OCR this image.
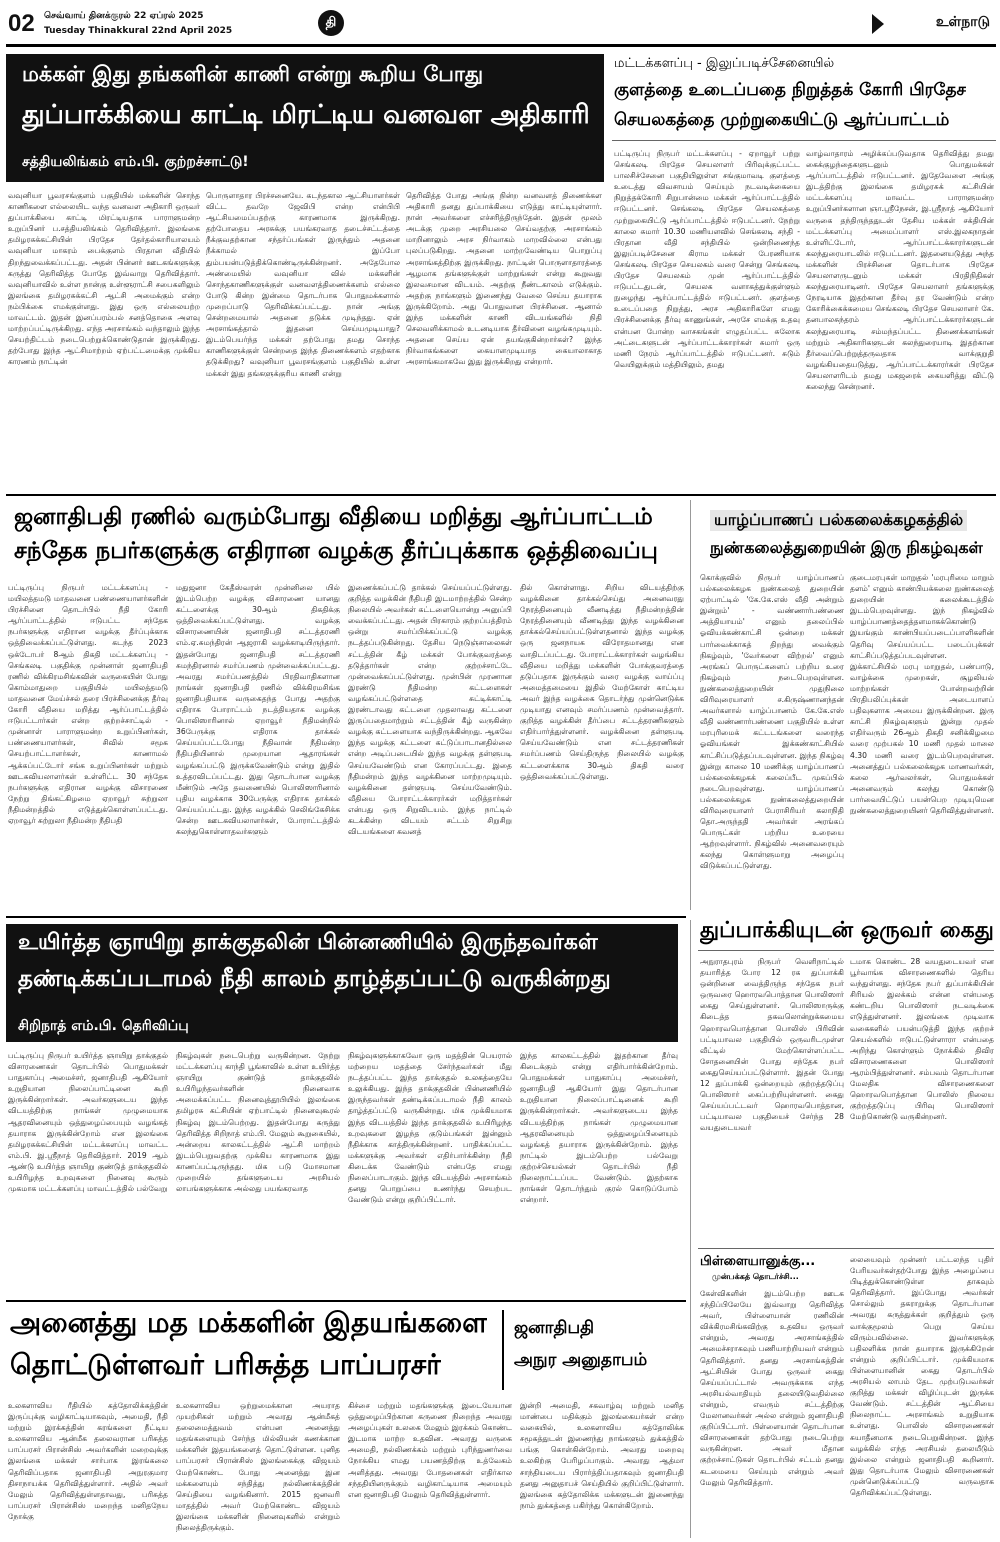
02 செவ்வாய் தினக்குரல் 22 ஏப்ரல் 2025
Tuesday Thinakkural 22nd April 2025
தி	உள்நாடு
மக்கள் இது தங்களின் காணி என்று கூறிய போது
துப்பாக்கியை காட்டி மிரட்டிய வனவள அதிகாரி
சத்தியலிங்கம் எம்.பி. குற்றச்சாட்டு!
வவுனியா பூவரசங்குளம் பகுதியில் மக்களின் சொந்த காணிகளை எல்லையிட வந்த வனவள அதிகாரி ஒருவர் துப்பாக்கியை காட்டி மிரட்டியதாக பாராளுமன்ற உறுப்பினர் ப.சத்தியலிங்கம் தெரிவித்தார். இலங்கை தமிழரசுக்கட்சியின் பிரதேச தேர்தல்காரியாலயம் வவுனியா மாகரம் பைக்குளம் பிரதான வீதியில் திறந்துவைக்கப்பட்டது. அதன் பின்னர் ஊடகங்களுக்கு கருத்து தெரிவித்த போதே இவ்வாறு தெரிவித்தார். வவுனியாவில் உள்ள நான்கு உள்ளூராட்சி சபைகளிலும் இலங்கை தமிழரசுக்கட்சி ஆட்சி அமைக்கும் என்ற நம்பிக்கை எமக்குள்ளது. இது ஒரு எல்லையற்ற மாவட்டம். இதன் இனப்பரம்பல் சனத்தொகை அளவு மாற்றப்பட்டிருக்கிறது. எந்த அரசாங்கம் வந்தாலும் இந்த செயற்திட்டம் நடைபெற்றுக்கொண்டுதான் இருக்கிறது. தற்போது இந்த ஆட்சிமாற்றம் ஏற்பட்டமைக்கு முக்கிய காரணம் நாட்டின்
பொருளாதார பிரச்சனையே. கடந்தகால ஆட்சியாளர்கள் விட்ட தவறே ஜேவிபி என்ற என்பிபி ஆட்சியமைப்பதற்கு காரணமாக இருக்கிறது. தற்போதைய அரசுக்கு பயங்கரவாத தடைச்சட்டத்தை நீக்குவதற்கான சந்தர்ப்பங்கள் இருந்தும் அதனை நீக்காமல் இப்போ தும்பயன்படுத்திக்கொண்டிருக்கின்றனர். அதேபோல அண்மையில் வவுனியா வில் மக்களின் சொந்தகாணிகளுக்குள் வனவளத்திணைக்களம் எல்லை போடு கின்ற இன்மை தொடர்பாக பொதுமக்களால் முறைப்பாடு தெரிவிக்கப்பட்டது. நான் அங்கு சென்றமையால் அதனை தடுக்க முடிந்தது. ஏன் அரசாங்கத்தால் இதனை செய்யமுடியாது? இடம்பெயர்ந்த மக்கள் தற்போது தமது சொந்த காணிகளுக்குள் சென்றதை இந்த திணைக்களம் எதற்காக தடுக்கிறது? வவுனியா பூவரசங்குளம் பகுதியில் உள்ள மக்கள் இது தங்களுக்குரிய காணி என்று
தெரிவித்த போது அங்கு நின்ற வனவளத் திணைக்கள அதிகாரி தனது துப்பாக்கியை எடுத்து காட்டியுள்ளார். நான் அவர்களை எச்சரித்திருந்தேன். இதன் மூலம் அடக்கு முறை அரசியலை செய்வதற்கு அரசாங்கம் மாறினாலும் அரச நிர்வாகம் மாறவில்லை என்பது புலப்படுகிறது. அதனை மாற்றவேண்டிய பொறுப்பு அரசாங்கத்திற்கு இருக்கிறது. நாட்டின் பொருளாதாரத்தை ஆழமாக தங்களுக்குள் மாற்றுங்கள் என்று கூறுவது இலவசமான விடயம். அதற்கு நீண்டகாலம் எடுக்கும். அதற்கு நாங்களும் இணைந்து வேலை செய்ய தயாராக இருக்கிறோம். அது பொதுவான பிரச்சினை. ஆனால் இந்த மக்களின் காணி விடயங்களில் நிதி செலவளிக்காமல் உடனடியாக தீர்வினை வழங்கமுடியும். அதனை செய்ய ஏன் தயங்குகின்றார்கள்? இந்த நிர்வாகங்களை கையாளமுடியாத கையாலாகாத அரசாங்கமாகவே இது இருக்கிறது என்றார்.
மட்டக்களப்பு - இலுப்படிச்சேனையில்
குளத்தை உடைப்பதை நிறுத்தக் கோரி பிரதேச
செயலகத்தை முற்றுகையிட்டு ஆர்ப்பாட்டம்
பட்டிருப்பு நிருபர் மட்டக்களப்பு - ஏறாவூர் பற்று செங்கலடி பிரதேச செயலாளர் பிரிவுக்குட்பட்ட பாலசிச்சேனை பகுதியிலுள்ள சங்குமாவடி குளத்தை உடைத்து விவசாயம் செய்யும் நடவடிக்கையை நிறுத்தக்கோரி சிறுபான்மை மக்கள் ஆர்ப்பாட்டத்தில் ஈடுபட்டனர். செங்கலடி பிரதேச செயலகத்தை முற்றுகையிட்டு ஆர்ப்பாட்டத்தில் ஈடுபட்டனர். நேற்று காலை சுமார் 10.30 மணியளவில் செங்கலடி சந்தி - பிரதான வீதி சந்தியில் ஒன்றிணைந்த இலுப்படிச்சேனை கிராம மக்கள் பேரணியாக செங்கலடி பிரதேச செயலகம் வரை சென்று செங்கலடி பிரதேச செயலகம் முன் ஆர்ப்பாட்டத்தில் ஈடுபட்டதுடன், செயலக வளாகத்துக்குள்ளும் நுழைந்து ஆர்ப்பாட்டத்தில் ஈடுபட்டனர். குளத்தை உடைப்பதை நிறுத்து, அரச அதிகாரிகளே எமது பிரச்சினைக்கு தீர்வு காணுங்கள், அரசே எமக்கு உதவு என்பன போன்ற வாசகங்கள் எழுதப்பட்ட சுலோக அட்டைகளுடன் ஆர்ப்பாட்டக்காரர்கள் சுமார் ஒரு மணி நேரம் ஆர்ப்பாட்டத்தில் ஈடுபட்டனர். சுடும் வெயிலுக்கும் மத்தியிலும், தமது
வாழ்வாதாரம் அழிக்கப்படுவதாக தெரிவித்து தமது கைக்குழந்தைகளுடனும் பொதுமக்கள் ஆர்ப்பாட்டத்தில் ஈடுபட்டனர். இதேவேளை அங்கு இடத்திற்கு இலங்கை தமிழரசுக் கட்சியின் மட்டக்களப்பு மாவட்ட பாராளுமன்ற உறுப்பினர்களான ஞா.ஸ்ரீநேசன், இ.ஸ்ரீநாத் ஆகியோர் வருகை தந்திருந்ததுடன் தேசிய மக்கள் சக்தியின் மட்டக்களப்பு அமைப்பாளர் எஸ்.இலகநாதன் உள்ளிட்டோர், ஆர்ப்பாட்டக்காரர்களுடன் கலந்துரையாடலில் ஈடுபட்டனர். இதனையடுத்து அந்த மக்களின் பிரச்சினை தொடர்பாக பிரதேச செயலாளருடனும் மக்கள் பிரதிநிதிகள் கலந்துரையாடினர். பிரதேச செயலாளர் தங்களுக்கு நேரடியாக இதற்கான தீர்வு தர வேண்டும் என்ற கோரிக்கைக்கமைய செங்கலடி பிரதேச செயலாளர் கே. தனபாலசுந்தரம் ஆர்ப்பாட்டக்காரர்களுடன் கலந்துரையாடி சம்மந்தப்பட்ட திணைக்களங்கள் மற்றும் அதிகாரிகளுடன் கலந்துரையாடி இதற்கான தீர்வைப்பெற்றுத்தருவதாக வாக்குறுதி வழங்கியதையடுத்து, ஆர்ப்பாட்டக்காரர்கள் பிரதேச செயலாளரிடம் தமது மகஜரைக் கையளித்து விட்டு கலைந்து சென்றனர்.
ஜனாதிபதி ரணில் வரும்போது வீதியை மறித்து ஆர்ப்பாட்டம்
சந்தேக நபர்களுக்கு எதிரான வழக்கு தீர்ப்புக்காக ஒத்திவைப்பு
பட்டிருப்பு நிருபர் மட்டக்களப்பு - மயிலத்தமடு மாதவனை பண்ணையாளர்களின் பிரச்சினை தொடர்பில் நீதி கோரி ஆர்ப்பாட்டத்தில் ஈடுபட்ட சந்தேக நபர்களுக்கு எதிரான வழக்கு தீர்ப்புக்காக ஒத்திவைக்கப்பட்டுள்ளது. கடந்த 2023 ஒக்டோபர் 8ஆம் திகதி மட்டக்களப்பு - செங்கலடி பகுதிக்கு முன்னாள் ஜனாதிபதி ரணில் விக்கிரமசிங்கவின் வருகையின் போது கொம்மாதுறை பகுதியில் மயிலத்தமடு மாதவனை மேய்ச்சல் தரை பிரச்சினைக்கு தீர்வு கோரி வீதியை மறித்து ஆர்ப்பாட்டத்தில் ஈடுபட்டார்கள் என்ற குற்றச்சாட்டில் - முன்னாள் பாராளுமன்ற உறுப்பினர்கள், பண்ணையாளர்கள், சிவில் சமூக செயற்பாட்டாளர்கள், காணாமல் ஆக்கப்பட்டோர் சங்க உறுப்பினர்கள் மற்றும் ஊடகவியலாளர்கள் உள்ளிட்ட 30 சந்தேக நபர்களுக்கு எதிரான வழக்கு விசாரணை நேற்று திங்கட்கிழமை ஏறாவூர் சுற்றுலா நீதிமன்றத்தில் எடுத்துக்கொள்ளப்பட்டது. ஏறாவூர் சுற்றுலா நீதிமன்ற நீதிபதி
மதுஜனா கேதீஸ்வரன் முன்னிலை யில் இடம்பெற்ற வழக்கு விசாரணை யானது கட்டளைக்கு 30ஆம் திகதிக்கு ஒத்திவைக்கப்பட்டுள்ளது. வழக்கு விசாரணையின் ஜனாதிபதி சட்டத்தரணி எம்.ஏ.சுமந்திரன் ஆஜராகி வழக்காடியிருந்தார். இதன்போது ஜனாதிபதி சட்டத்தரணி சுமந்திரனால் சமர்ப்பணம் முன்வைக்கப்பட்டது. அவரது சமர்ப்பணத்தில் பிரதிவாதிகளான நாங்கள் ஜனாதிபதி ரணில் விக்கிரமசிங்க ஜனாதிபதியாக வருகைதந்த போது அதற்கு எதிராக போராட்டம் நடத்தியதாக வழக்கு பொலிஸாரினால் ஏறாவூர் நீதிமன்றில் 36பேருக்கு எதிராக தாக்கல் செய்யப்பட்டபோது நீதிவான் நீதிமன்ற நீதிபதியினால் முறையான ஆதாரங்கள் வழங்கப்பட்டு இருக்கவேண்டும் என்று இதில் உத்தரவிடப்பட்டது. இது தொடர்பான வழக்கு மீண்டும் அதே தவணையில் பொலிஸாரினால் புதிய வழக்காக 30பேருக்கு எதிராக தாக்கல் செய்யப்பட்டது. இந்த வழக்கில் செலிங்கேசிக்க சென்ற ஊடகவியலாளர்கள், போராட்டத்தில் கலந்துகொள்ளாதவர்களும்
இணைக்கப்பட்டு தாக்கல் செய்யப்பட்டுள்ளது. குறித்த வழக்கின் நீதிபதி இடமாற்றத்தில் சென்ற நிலையில் அவர்கள் கட்டளையொன்று அனுப்பி வைக்கப்பட்டது. அதன் பிரகாரம் குற்றப்பத்திரம் ஒன்று சமர்ப்பிக்கப்பட்டு வழக்கு நடத்தப்படுகின்றது. தேசிய நெடுஞ்சாலைகள் சட்டத்தின் கீழ் மக்கள் போக்குவரத்தை தடுத்தார்கள் என்ற குற்றச்சாட்டே முன்வைக்கப்பட்டுள்ளது. முன்பின் முரணான இரண்டு நீதிமன்ற கட்டளைகள் வழங்கப்பட்டுள்ளதை சுட்டிக்காட்டி இரண்டாவது கட்டளை முதலாவது கட்டளை இருப்பதைமாற்றும் சட்டத்தின் கீழ் வருகின்ற வழக்கு கட்டளையாக வந்திருக்கின்றது. ஆகவே இந்த வழக்கு கட்டளை கட்டுப்பாடானதில்லை என்ற அடிப்படையில் இந்த வழக்கு தள்ளுபடி செய்யவேண்டும் என கோரப்பட்டது. இதை நீதிமன்றம் இந்த வழக்கினை மாற்றமுடியும். வழக்கினை தள்ளுபடி செய்யவேண்டும். வீதியை போராட்டக்காரர்கள் மறித்தார்கள் என்பது ஒரு சிறுவிடயம். இந்த நாட்டில் கடக்கின்ற விடயம் சட்டம் சிறுசிறு விடயங்களை கவனத்
தில் கொள்ளாது. சிறிய விடயத்திற்கு வழக்கினை தாக்கல்செய்து அனைவரது நேரத்தினையும் வீணடித்து நீதிமன்றத்தின் நேரத்தினையும் வீணடித்து இந்த வழக்கினை தாக்கல்செய்யப்பட்டுள்ளதனால் இந்த வழக்கு ஒரு ஜனநாயக விரோதமானது என வாதிடப்பட்டது. போராட்டக்காரர்கள் வழங்கிய வீதியை மறித்து மக்களின் போக்குவரத்தை தடுப்பதாக இருக்கும் வரை வழக்கு வாய்ப்பு அமைத்தமையை இதில் மேற்கோள் காட்டிய அவர் இந்த வழக்கை தொடர்ந்து முன்னெடுக்க முடியாது எனவும் சமர்ப்பணம் முன்வைத்தார். குறித்த வழக்கின் தீர்ப்பை சட்டத்தரணிகளும் எதிர்பார்த்துள்ளனர். வழக்கினை தள்ளுபடி செய்யவேண்டும் என சட்டத்தரணிகள் சமர்ப்பணம் செய்திருந்த நிலையில் வழக்கு கட்டளைக்காக 30ஆம் திகதி வரை ஒத்திவைக்கப்பட்டுள்ளது.
யாழ்ப்பாணப் பல்கலைக்கழகத்தில்
நுண்கலைத்துறையின் இரு நிகழ்வுகள்
கொக்குவில் நிருபர் யாழ்ப்பாணப் பல்கலைக்கழக நுண்கலைத் துறையின் ஏற்பாட்டில் 'கே.கே.எஸ் வீதி அன்றும் இன்றும்' - வண்ணார்பண்ணை அத்தியாயம்' எனும் தலைப்பில் ஓவியக்கண்காட்சி ஒன்றை மக்கள் பார்வைக்காகத் திறந்து வைக்கும் நிகழ்வும், 'வேர்களை விற்றல்' எனும் அரங்கப் பொருட்களைப் பற்றிய உரை நிகழ்வும் நடைபெறவுள்ளன. நுண்கலைத்துறையின் முதுநிலை விரிவுரையாளர் ச.கிருஷ்ணானந்தன் அவர்களால் யாழ்ப்பாணம் கே.கே.எஸ் வீதி வண்ணார்பண்ணை பகுதியில் உள்ள மரபுரிமைக் கட்டடங்களை வரைந்த ஓவியங்கள் இக்கண்காட்சியில் காட்சிப்படுத்தப்படவுள்ளன. இந்த நிகழ்வு இன்று காலை 10 மணிக்கு யாழ்ப்பாணப் பல்கலைக்கழகக் கலைப்பீட முகப்பில் நடைபெறவுள்ளது. யாழ்ப்பாணப் பல்கலைக்கழக நுண்கலைத்துறையின் விரிவுரையாளர் பேராசிரியர் கலாநிதி தொ.அருந்ததி அவர்கள் அரங்கப் பொருட்கள் பற்றிய உரையை ஆற்றவுள்ளார். நிகழ்வில் அனைவரையும் கலந்து கொள்ளுமாறு அழைப்பு விடுக்கப்பட்டுள்ளது.
குடைமரபுகள் மாறுதல் 'மரபுரிமை மாறும் தளம்' எனும் காண்பியக்கலை நுண்கலைத் துறையின் கலைக்கூடத்தில் இடம்பெறவுள்ளது. இந் நிகழ்வில் யாழ்ப்பாணத்தைத்தளமாகக்கொண்டு இயங்கும் காண்பியப்படைப்பாளிகளின் தெரிவு செய்யப்பட்ட படைப்புக்கள் காட்சிப்படுத்தப்படவுள்ளன. இக்காட்சியில் மரபு மாறுதல், பண்பாடு, வாழ்க்கை முறைகள், சூழலியல் மாற்றங்கள் போன்றவற்றின் பிரதிபலிப்புக்கள் அடையாளப் பதிவுகளாக அமைய இருக்கின்றன. இரு காட்சி நிகழ்வுகளும் இன்று முதல் எதிர்வரும் 26ஆம் திகதி சனிக்கிழமை வரை முற்பகல் 10 மணி முதல் மாலை 4.30 மணி வரை இடம்பெறவுள்ளன. அனைத்துப் பல்கலைக்கழக மாணவர்கள், கலை ஆர்வலர்கள், பொதுமக்கள் அனைவரும் கலந்து கொண்டு பார்வையிட்டுப் பயன்பெற முடியுமென நுண்கலைத்துறையினர் தெரிவித்துள்ளனர்.
உயிர்த்த ஞாயிறு தாக்குதலின் பின்னணியில் இருந்தவர்கள்
தண்டிக்கப்படாமல் நீதி காலம் தாழ்த்தப்பட்டு வருகின்றது
சிறிநாத் எம்.பி. தெரிவிப்பு
பட்டிருப்பு நிருபர் உயிர்த்த ஞாயிறு தாக்குதல் விசாரணைகள் தொடர்பில் பொதுமக்கள் பாதுகாப்பு அமைச்சர், ஜனாதிபதி ஆகியோர் உறுதியான நிலைப்பாட்டினை கூறி இருக்கின்றார்கள். அவர்களுடைய இந்த விடயத்திற்கு நாங்கள் முழுமையாக ஆதரவினையும் ஒத்துழைப்பையும் வழங்கத் தயாராக இருக்கின்றோம் என இலங்கை தமிழரசுக்கட்சியின் மட்டக்களப்பு மாவட்ட எம்.பி. இ.ஸ்ரீநாத் தெரிவித்தார். 2019 ஆம் ஆண்டு உயிர்த்த ஞாயிறு குண்டுத் தாக்குதலில் உயிரிழந்த உறவுகளை நினைவு கூரும் முகமாக மட்டக்களப்பு மாவட்டத்தில் பல்வேறு
நிகழ்வுகள் நடைபெற்று வருகின்றன. நேற்று மட்டக்களப்பு காந்தி பூங்காவில் உள்ள உயிர்த்த ஞாயிறு குண்டுத் தாக்குதலில் உயிரிழந்தவர்களின் நினைவாக அமைக்கப்பட்ட நினைவுத்தூபியில் இலங்கை தமிழரசு கட்சியின் ஏற்பாட்டில் நினைவுகூரல் நிகழ்வு இடம்பெற்றது. இதன்போது கருத்து தெரிவித்த சிறிநாத் எம்.பி. மேலும் கூறுகையில், அன்றைய காலகட்டத்தில் ஆட்சி மாற்றம் இடம்பெறுவதற்கு முக்கிய காரணமாக இது காணப்பட்டிருந்தது. மிக படு மோசமான முறையில் தங்களுடைய அரசியல் லாபங்களுக்காக அல்லது பயங்கரவாத
நிகழ்வுகளுக்காகவோ ஒரு மதத்தின் பெயரால் மற்றைய மதத்தை சேர்ந்தவர்கள் மீது நடத்தப்பட்ட இந்த தாக்குதல் உலகத்தையே உலுக்கியது. இந்த தாக்குதலின் பின்னணியில் இருந்தவர்கள் தண்டிக்கப்படாமல் நீதி காலம் தாழ்த்தப்பட்டு வருகின்றது. மிக முக்கியமாக இந்த விடயத்தில் இந்த தாக்குதலில் உயிரிழந்த உறவுகளை இழந்த குடும்பங்கள் இன்னும் நீதிக்காக காத்திருக்கின்றனர். பாதிக்கப்பட்ட மக்களுக்கு அவர்கள் எதிர்பார்க்கின்ற நீதி கிடைக்க வேண்டும் என்பதே எமது நிலைப்பாடாகும். இந்த விடயத்தில் அரசாங்கம் தனது பொறுப்பை உணர்ந்து செயற்பட வேண்டும் என்று குறிப்பிட்டார்.
இந்த காலகட்டத்தில் இதற்கான தீர்வு கிடைக்கும் என்று எதிர்பார்க்கின்றோம். பொதுமக்கள் பாதுகாப்பு அமைச்சர், ஜனாதிபதி ஆகியோர் இது தொடர்பான உறுதியான நிலைப்பாட்டினைக் கூறி இருக்கின்றார்கள். அவர்களுடைய இந்த விடயத்திற்கு நாங்கள் முழுமையான ஆதரவினையும் ஒத்துழைப்பினையும் வழங்கத் தயாராக இருக்கின்றோம். இந்த நாட்டில் இடம்பெற்ற பல்வேறு குற்றச்செயல்கள் தொடர்பில் நீதி நிலைநாட்டப்பட வேண்டும். இதற்காக நாங்கள் தொடர்ந்தும் குரல் கொடுப்போம் என்றார்.
துப்பாக்கியுடன் ஒருவர் கைது
அநுராதபுரம் நிருபர் வெளிநாட்டில் தயாரித்த போர 12 ரக துப்பாக்கி ஒன்றினை வைத்திருந்த சந்தேக நபர் ஒருவரை ஹொரவபொத்தான பொலிஸார் கைது செய்துள்ளனர். பொலிஸாருக்கு கிடைத்த தகவலொன்றுக்கமைய ஹொரவபொத்தான பொலிஸ் பிரிவின் பட்டியாவல பகுதியில் ஒருவரிடமுள்ள வீட்டில் மேற்கொள்ளப்பட்ட சோதனையின் போது சந்தேக நபர் கைதுசெய்யப்பட்டுள்ளார். இதன் போது 12 துப்பாக்கி ஒன்றையும் குற்றத்தடுப்பு பொலிஸார் கைப்பற்றியுள்ளனர். கைது செய்யப்பட்டவர் ஹொரவபொத்தான, பட்டியாவல பகுதியைச் சேர்ந்த 28 வயதுடையவர்
டமாக கொண்ட 28 வயதுடையவர் என பூர்வாங்க விசாரணைகளில் தெரிய வந்துள்ளது. சந்தேக நபர் துப்பாக்கியின் சிரியல் இலக்கம் என்ன என்பதை கண்டறிய பொலிஸார் நடவடிக்கை எடுத்துள்ளனர். இலங்கை முடிவாக வகைகளில் பயன்படுத்தி இந்த குற்றச் செயல்களில் ஈடுபட்டுள்ளாரா என்பதை அறிந்து கொள்ளும் நோக்கில் திவிர விசாரணைகளை பொலிஸார் ஆரம்பித்துள்ளனர். சம்பவம் தொடர்பான மேலதிக விசாரணைகளை ஹொரவபொத்தான பொலிஸ் நிலைய குற்றத்தடுப்பு பிரிவு பொலிஸார் மேற்கொண்டு வருகின்றனர்.
பிள்ளையானுக்கு...
முன்பக்கத் தொடர்ச்சி...
கேள்விகளின் இடம்பெற்ற ஊடக சந்திப்பிலேயே இவ்வாறு தெரிவித்த அவர், பிள்ளையான் ரணிலின் விக்கிரமசிங்கவிற்கு உதவிய ஒருவர் என்றும், அவரது அரசாங்கத்தில் அமைச்சராகவும் பணியாற்றியவர் என்றும் தெரிவித்தார். தனது அரசாங்கத்தின் ஆட்சியின் போது ஒருவர் கைது செய்யப்பட்டால் அவருக்காக எந்த அரசியல்வாதியும் தலையிடுவதில்லை என்றும், எவரும் சட்டத்திற்கு மேலானவர்கள் அல்ல என்றும் ஜனாதிபதி குறிப்பிட்டார். பிள்ளையான் தொடர்பான விசாரணைகள் தற்போது நடைபெற்று வருகின்றன. அவர் மீதான குற்றச்சாட்டுகள் தொடர்பில் சட்டம் தனது கடமையை செய்யும் என்றும் அவர் மேலும் தெரிவித்தார்.
லையைவும் முன்னர் பட்டலந்த புதிர் பேரியவர்கள்தற்போது இந்த அழைப்பை பிடித்துக்கொண்டுள்ள தாகவும் தெரிவித்தார். இப்போது அவர்கள் சொல்லும் தகராறுக்கு தொடர்பான அவரது கருத்துக்கள் குறித்தும் ஒரு வாக்குமூலம் பெறு செய்ய விரும்பவில்லை. இவர்களுக்கு பதிலளிக்க நான் தயாராக இருக்கிறேன் என்றும் குறிப்பிட்டார். முக்கியமாக பிள்ளையானின் கைது தொடர்பில் அரசியல் லாபம் தேட முற்படுபவர்கள் குறித்து மக்கள் விழிப்புடன் இருக்க வேண்டும். சட்டத்தின் ஆட்சியை நிலைநாட்ட அரசாங்கம் உறுதியாக உள்ளது. பொலிஸ் விசாரணைகள் சுயாதீனமாக நடைபெறுகின்றன. இந்த வழக்கில் எந்த அரசியல் தலையீடும் இல்லை என்றும் ஜனாதிபதி கூறினார். இது தொடர்பாக மேலும் விசாரணைகள் முன்னெடுக்கப்பட்டு வருவதாக தெரிவிக்கப்பட்டுள்ளது.
அனைத்து மத மக்களின் இதயங்களை
தொட்டுள்ளவர் பரிசுத்த பாப்பரசர்
ஜனாதிபதி
அநுர அனுதாபம்
உலகளாவிய ரீதியில் கத்தோலிக்கத்தின் இருப்புக்கு வழிகாட்டியாகவும், அமைதி, நீதி மற்றும் இரக்கத்தின் கரங்களை நீட்டிய உலகளாவிய ஆன்மீக தலைவரான பரிசுத்த பாப்பரசர் பிரான்சிஸ் அவர்களின் மறைவுக்கு இலங்கை மக்கள் சார்பாக இரங்கலை தெரிவிப்பதாக ஜனாதிபதி அநுரகுமார திசாநாயக்க தெரிவித்துள்ளார். அதில் அவர் மேலும் தெரிவித்துள்ளதாவது, பரிசுத்த பாப்பரசர் பிரான்சிஸ் மறைந்த மனிதநேய நோக்கு
உலகளாவிய ஒற்றுமைக்கான அயராத முயற்சிகள் மற்றும் அவரது ஆன்மீகத் தலைமைத்துவம் என்பன அனைத்து மதங்களையும் சேர்ந்த மில்லியன் கணக்கான மக்களின் இதயங்களைத் தொட்டுள்ளன. புனித பாப்பரசர் பிரான்சிஸ் இலங்கைக்கு விஜயம் மேற்கொண்ட போது அனைத்து இன மக்களையும் சந்தித்து நல்லிணக்கத்தின் செய்தியை வழங்கினார். 2015 ஜனவரி மாதத்தில் அவர் மேற்கொண்ட விஜயம் இலங்கை மக்களின் நினைவுகளில் என்றும் நிலைத்திருக்கும்.
கிச்சை மற்றும் மதங்களுக்கு இடையேயான ஒத்துழைப்பிற்கான கருணை நிறைந்த அவரது அழைப்புகள் உலகை மேலும் இரக்கம் கொண்ட இடமாக மாற்ற உதவின. அவரது வருகை அமைதி, நல்லிணக்கம் மற்றும் புரிந்துணர்வை நோக்கிய எமது பயணத்திற்கு உத்வேகம் அளித்தது. அவரது போதனைகள் எதிர்கால சந்ததியினருக்கும் வழிகாட்டியாக அமையும் என ஜனாதிபதி மேலும் தெரிவித்துள்ளார்.
இன்றி அமைதி, சகவாழ்வு மற்றும் மனித மாண்பை மதிக்கும் இலங்கையர்கள் என்ற வகையில், உலகளாவிய கத்தோலிக்க சமூகத்துடன் இணைந்து நாங்களும் துக்கத்தில் பங்கு கொள்கின்றோம். அவரது மறைவு உலகிற்கு பேரிழப்பாகும். அவரது ஆத்மா சாந்தியடைய பிரார்த்திப்பதாகவும் ஜனாதிபதி தனது அனுதாபச் செய்தியில் குறிப்பிட்டுள்ளார். இலங்கை கத்தோலிக்க மக்களுடன் இணைந்து நாம் துக்கத்தை பகிர்ந்து கொள்கிறோம்.
